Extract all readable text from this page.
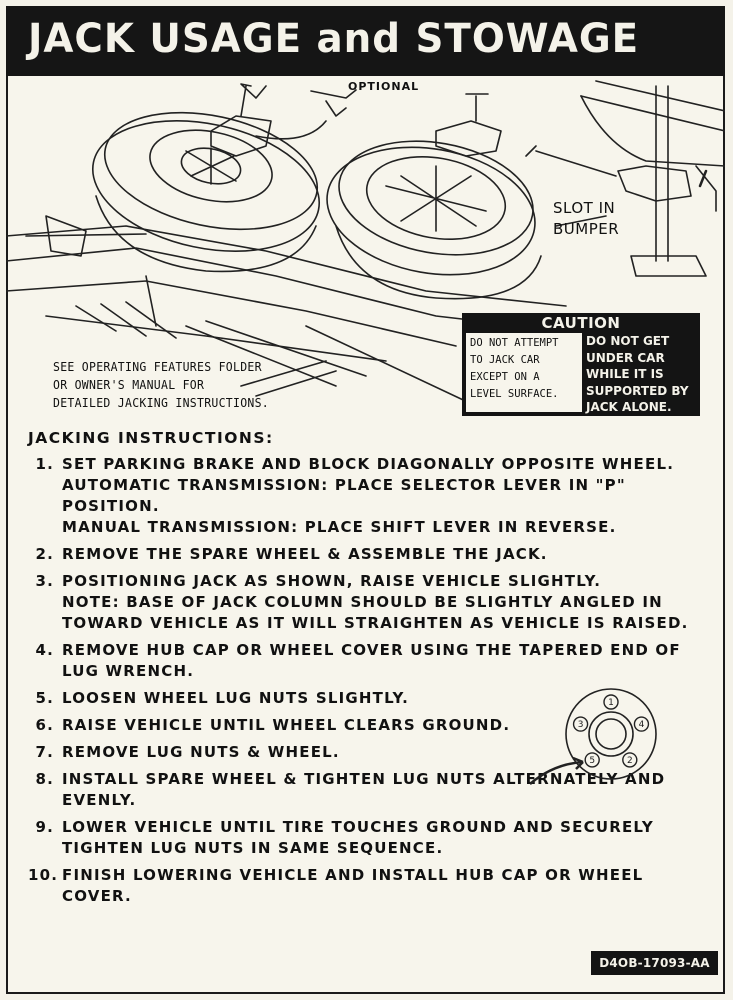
JACK USAGE and STOWAGE
OPTIONAL
SLOT IN
BUMPER
SEE OPERATING FEATURES FOLDER
OR OWNER'S MANUAL FOR
DETAILED JACKING INSTRUCTIONS.
CAUTION
DO NOT ATTEMPT
TO JACK CAR
EXCEPT ON A
LEVEL SURFACE.
DO NOT GET
UNDER CAR
WHILE IT IS
SUPPORTED BY
JACK ALONE.
JACKING INSTRUCTIONS:
1. SET PARKING BRAKE AND BLOCK DIAGONALLY OPPOSITE WHEEL.
AUTOMATIC TRANSMISSION: PLACE SELECTOR LEVER IN "P"
POSITION.
MANUAL TRANSMISSION: PLACE SHIFT LEVER IN REVERSE.
2. REMOVE THE SPARE WHEEL & ASSEMBLE THE JACK.
3. POSITIONING JACK AS SHOWN, RAISE VEHICLE SLIGHTLY.
NOTE: BASE OF JACK COLUMN SHOULD BE SLIGHTLY ANGLED IN
TOWARD VEHICLE AS IT WILL STRAIGHTEN AS VEHICLE IS RAISED.
4. REMOVE HUB CAP OR WHEEL COVER USING THE TAPERED END OF
LUG WRENCH.
5. LOOSEN WHEEL LUG NUTS SLIGHTLY.
6. RAISE VEHICLE UNTIL WHEEL CLEARS GROUND.
7. REMOVE LUG NUTS & WHEEL.
8. INSTALL SPARE WHEEL & TIGHTEN LUG NUTS ALTERNATELY AND
EVENLY.
9. LOWER VEHICLE UNTIL TIRE TOUCHES GROUND AND SECURELY
TIGHTEN LUG NUTS IN SAME SEQUENCE.
10. FINISH LOWERING VEHICLE AND INSTALL HUB CAP OR WHEEL
COVER.
1
4
2
5
3
D4OB-17093-AA
